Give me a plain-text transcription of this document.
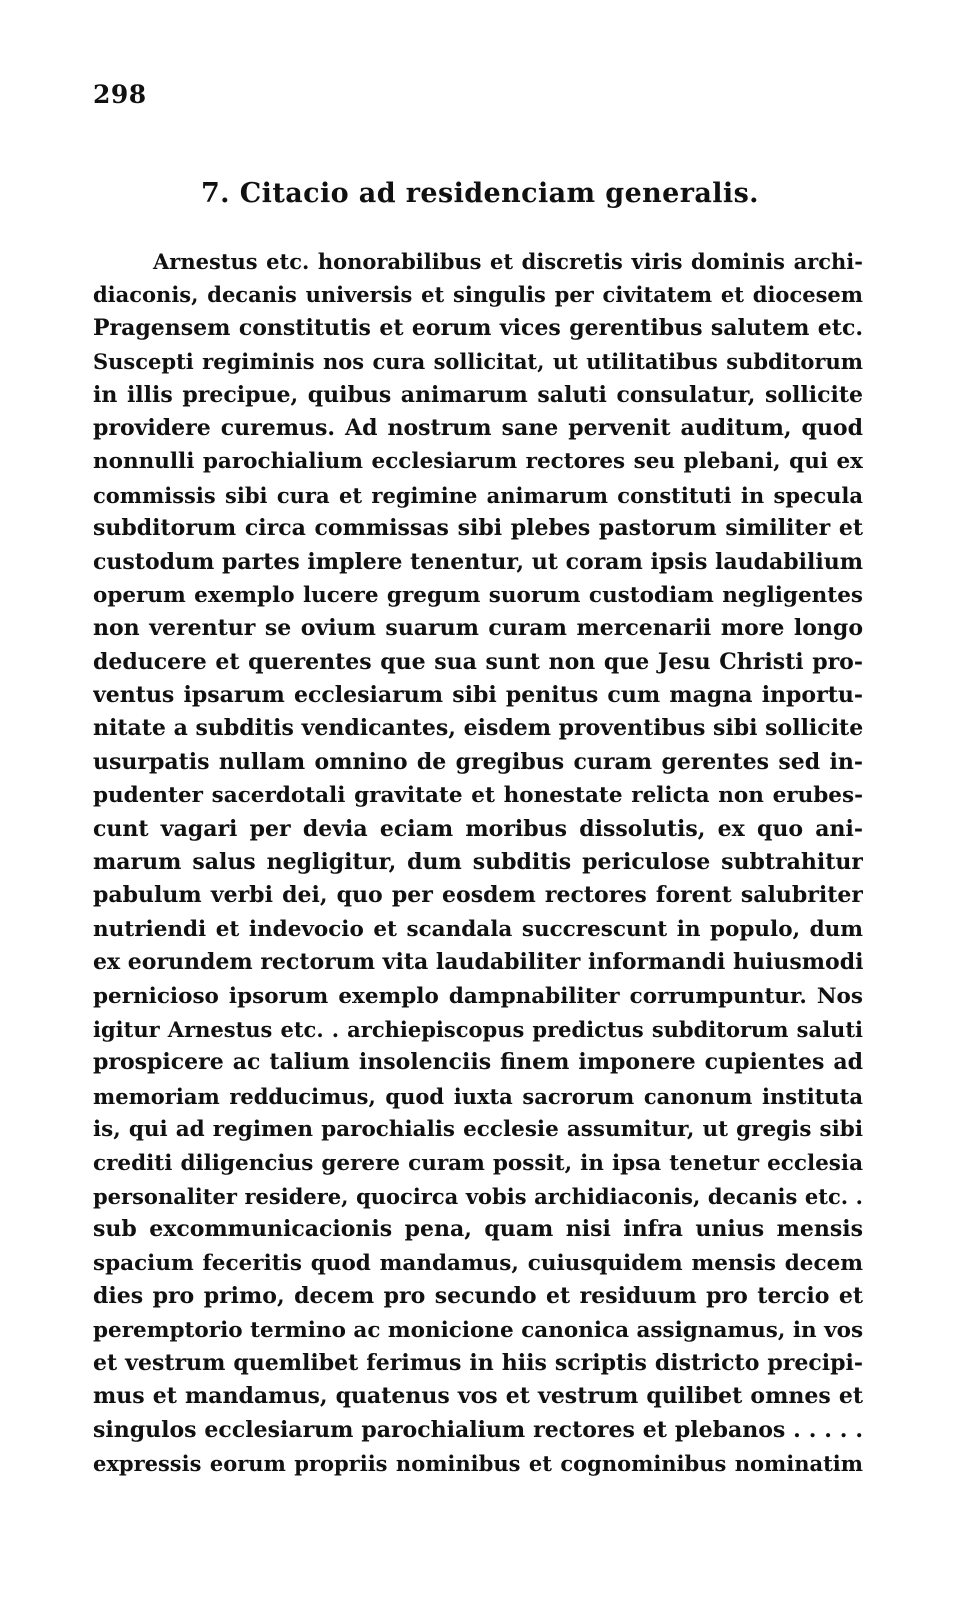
298
7. Citacio ad residenciam generalis.
Arnestus etc. honorabilibus et discretis viris dominis archi-
diaconis, decanis universis et singulis per civitatem et diocesem
Pragensem constitutis et eorum vices gerentibus salutem etc.
Suscepti regiminis nos cura sollicitat, ut utilitatibus subditorum
in illis precipue, quibus animarum saluti consulatur, sollicite
providere curemus. Ad nostrum sane pervenit auditum, quod
nonnulli parochialium ecclesiarum rectores seu plebani, qui ex
commissis sibi cura et regimine animarum constituti in specula
subditorum circa commissas sibi plebes pastorum similiter et
custodum partes implere tenentur, ut coram ipsis laudabilium
operum exemplo lucere gregum suorum custodiam negligentes
non verentur se ovium suarum curam mercenarii more longo
deducere et querentes que sua sunt non que Jesu Christi pro-
ventus ipsarum ecclesiarum sibi penitus cum magna inportu-
nitate a subditis vendicantes, eisdem proventibus sibi sollicite
usurpatis nullam omnino de gregibus curam gerentes sed in-
pudenter sacerdotali gravitate et honestate relicta non erubes-
cunt vagari per devia eciam moribus dissolutis, ex quo ani-
marum salus negligitur, dum subditis periculose subtrahitur
pabulum verbi dei, quo per eosdem rectores forent salubriter
nutriendi et indevocio et scandala succrescunt in populo, dum
ex eorundem rectorum vita laudabiliter informandi huiusmodi
pernicioso ipsorum exemplo dampnabiliter corrumpuntur. Nos
igitur Arnestus etc. . archiepiscopus predictus subditorum saluti
prospicere ac talium insolenciis finem imponere cupientes ad
memoriam redducimus, quod iuxta sacrorum canonum instituta
is, qui ad regimen parochialis ecclesie assumitur, ut gregis sibi
crediti diligencius gerere curam possit, in ipsa tenetur ecclesia
personaliter residere, quocirca vobis archidiaconis, decanis etc. .
sub excommunicacionis pena, quam nisi infra unius mensis
spacium feceritis quod mandamus, cuiusquidem mensis decem
dies pro primo, decem pro secundo et residuum pro tercio et
peremptorio termino ac monicione canonica assignamus, in vos
et vestrum quemlibet ferimus in hiis scriptis districto precipi-
mus et mandamus, quatenus vos et vestrum quilibet omnes et
singulos ecclesiarum parochialium rectores et plebanos . . . . .
expressis eorum propriis nominibus et cognominibus nominatim
